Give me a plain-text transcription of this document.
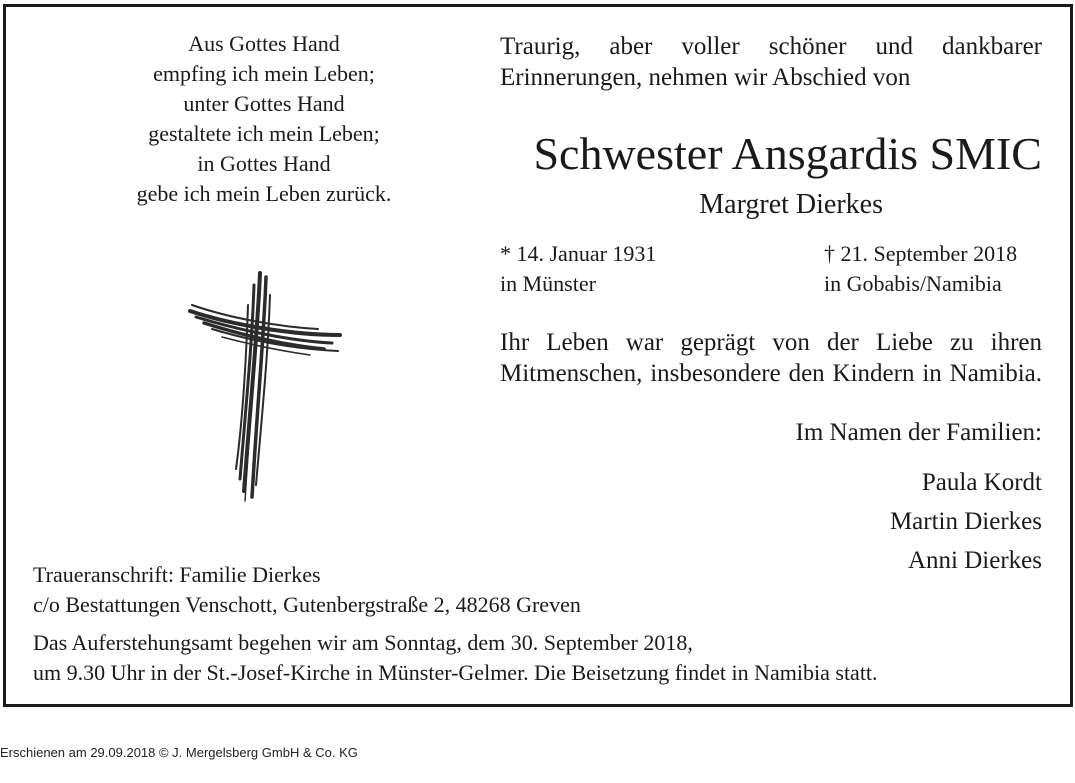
Aus Gottes Hand
empfing ich mein Leben;
unter Gottes Hand
gestaltete ich mein Leben;
in Gottes Hand
gebe ich mein Leben zurück.
Traurig, aber voller schöner und dankbarer Erinnerungen, nehmen wir Abschied von
Schwester Ansgardis SMIC
Margret Dierkes
* 14. Januar 1931
in Münster
† 21. September 2018
in Gobabis/Namibia
Ihr Leben war geprägt von der Liebe zu ihren
Mitmenschen, insbesondere den Kindern in Namibia.
Im Namen der Familien:
Paula Kordt
Martin Dierkes
Anni Dierkes
Traueranschrift: Familie Dierkes
c/o Bestattungen Venschott, Gutenbergstraße 2, 48268 Greven
Das Auferstehungsamt begehen wir am Sonntag, dem 30. September 2018,
um 9.30 Uhr in der St.-Josef-Kirche in Münster-Gelmer. Die Beisetzung findet in Namibia statt.
Erschienen am 29.09.2018 © J. Mergelsberg GmbH & Co. KG
